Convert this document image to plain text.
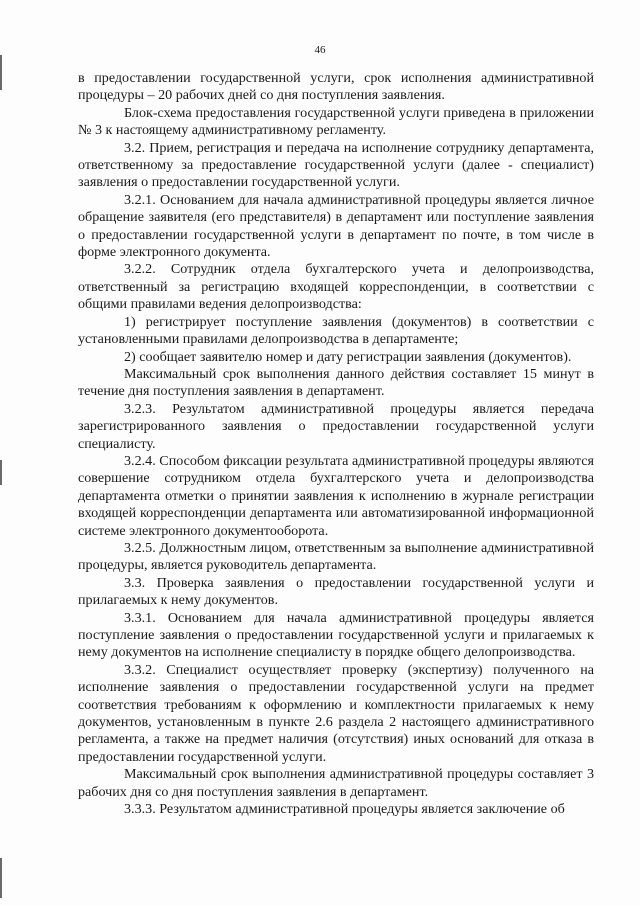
46

в предоставлении государственной услуги, срок исполнения административной процедуры – 20 рабочих дней со дня поступления заявления.

Блок-схема предоставления государственной услуги приведена в приложении № 3 к настоящему административному регламенту.

3.2. Прием, регистрация и передача на исполнение сотруднику департамента, ответственному за предоставление государственной услуги (далее - специалист) заявления о предоставлении государственной услуги.

3.2.1. Основанием для начала административной процедуры является личное обращение заявителя (его представителя) в департамент или поступление заявления о предоставлении государственной услуги в департамент по почте, в том числе в форме электронного документа.

3.2.2. Сотрудник отдела бухгалтерского учета и делопроизводства, ответственный за регистрацию входящей корреспонденции, в соответствии с общими правилами ведения делопроизводства:

1) регистрирует поступление заявления (документов) в соответствии с установленными правилами делопроизводства в департаменте;

2) сообщает заявителю номер и дату регистрации заявления (документов).

Максимальный срок выполнения данного действия составляет 15 минут в течение дня поступления заявления в департамент.

3.2.3. Результатом административной процедуры является передача зарегистрированного заявления о предоставлении государственной услуги специалисту.

3.2.4. Способом фиксации результата административной процедуры являются совершение сотрудником отдела бухгалтерского учета и делопроизводства департамента отметки о принятии заявления к исполнению в журнале регистрации входящей корреспонденции департамента или автоматизированной информационной системе электронного документооборота.

3.2.5. Должностным лицом, ответственным за выполнение административной процедуры, является руководитель департамента.

3.3. Проверка заявления о предоставлении государственной услуги и прилагаемых к нему документов.

3.3.1. Основанием для начала административной процедуры является поступление заявления о предоставлении государственной услуги и прилагаемых к нему документов на исполнение специалисту в порядке общего делопроизводства.

3.3.2. Специалист осуществляет проверку (экспертизу) полученного на исполнение заявления о предоставлении государственной услуги на предмет соответствия требованиям к оформлению и комплектности прилагаемых к нему документов, установленным в пункте 2.6 раздела 2 настоящего административного регламента, а также на предмет наличия (отсутствия) иных оснований для отказа в предоставлении государственной услуги.

Максимальный срок выполнения административной процедуры составляет 3 рабочих дня со дня поступления заявления в департамент.

3.3.3. Результатом административной процедуры является заключение об
